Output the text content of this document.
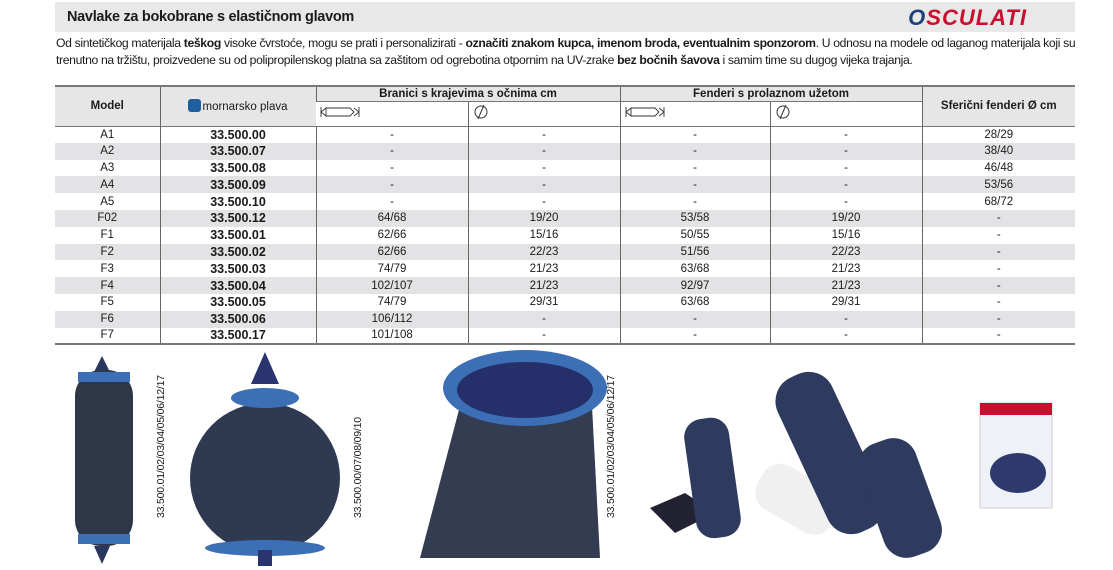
Navlake za bokobrane s elastičnom glavom	OSCULATI
Od sintetičkog materijala teškog visoke čvrstoće, mogu se prati i personalizirati - označiti znakom kupca, imenom broda, eventualnim sponzorom. U odnosu na modele od laganog materijala koji su trenutno na tržištu, proizvedene su od polipropilenskog platna sa zaštitom od ogrebotina otpornim na UV-zrake bez bočnih šavova i samim time su dugog vijeka trajanja.
Model	mornarsko plava	Branici s krajevima s očnima cm		Fenderi s prolaznom užetom		Sferični fenderi Ø cm

A1	33.500.00	-	-	-	-	28/29
A2	33.500.07	-	-	-	-	38/40
A3	33.500.08	-	-	-	-	46/48
A4	33.500.09	-	-	-	-	53/56
A5	33.500.10	-	-	-	-	68/72
F02	33.500.12	64/68	19/20	53/58	19/20	-
F1	33.500.01	62/66	15/16	50/55	15/16	-
F2	33.500.02	62/66	22/23	51/56	22/23	-
F3	33.500.03	74/79	21/23	63/68	21/23	-
F4	33.500.04	102/107	21/23	92/97	21/23	-
F5	33.500.05	74/79	29/31	63/68	29/31	-
F6	33.500.06	106/112	-	-	-	-
F7	33.500.17	101/108	-	-	-	-
33.500.01/02/03/04/05/06/12/17	33.500.00/07/08/09/10	33.500.01/02/03/04/05/06/12/17
